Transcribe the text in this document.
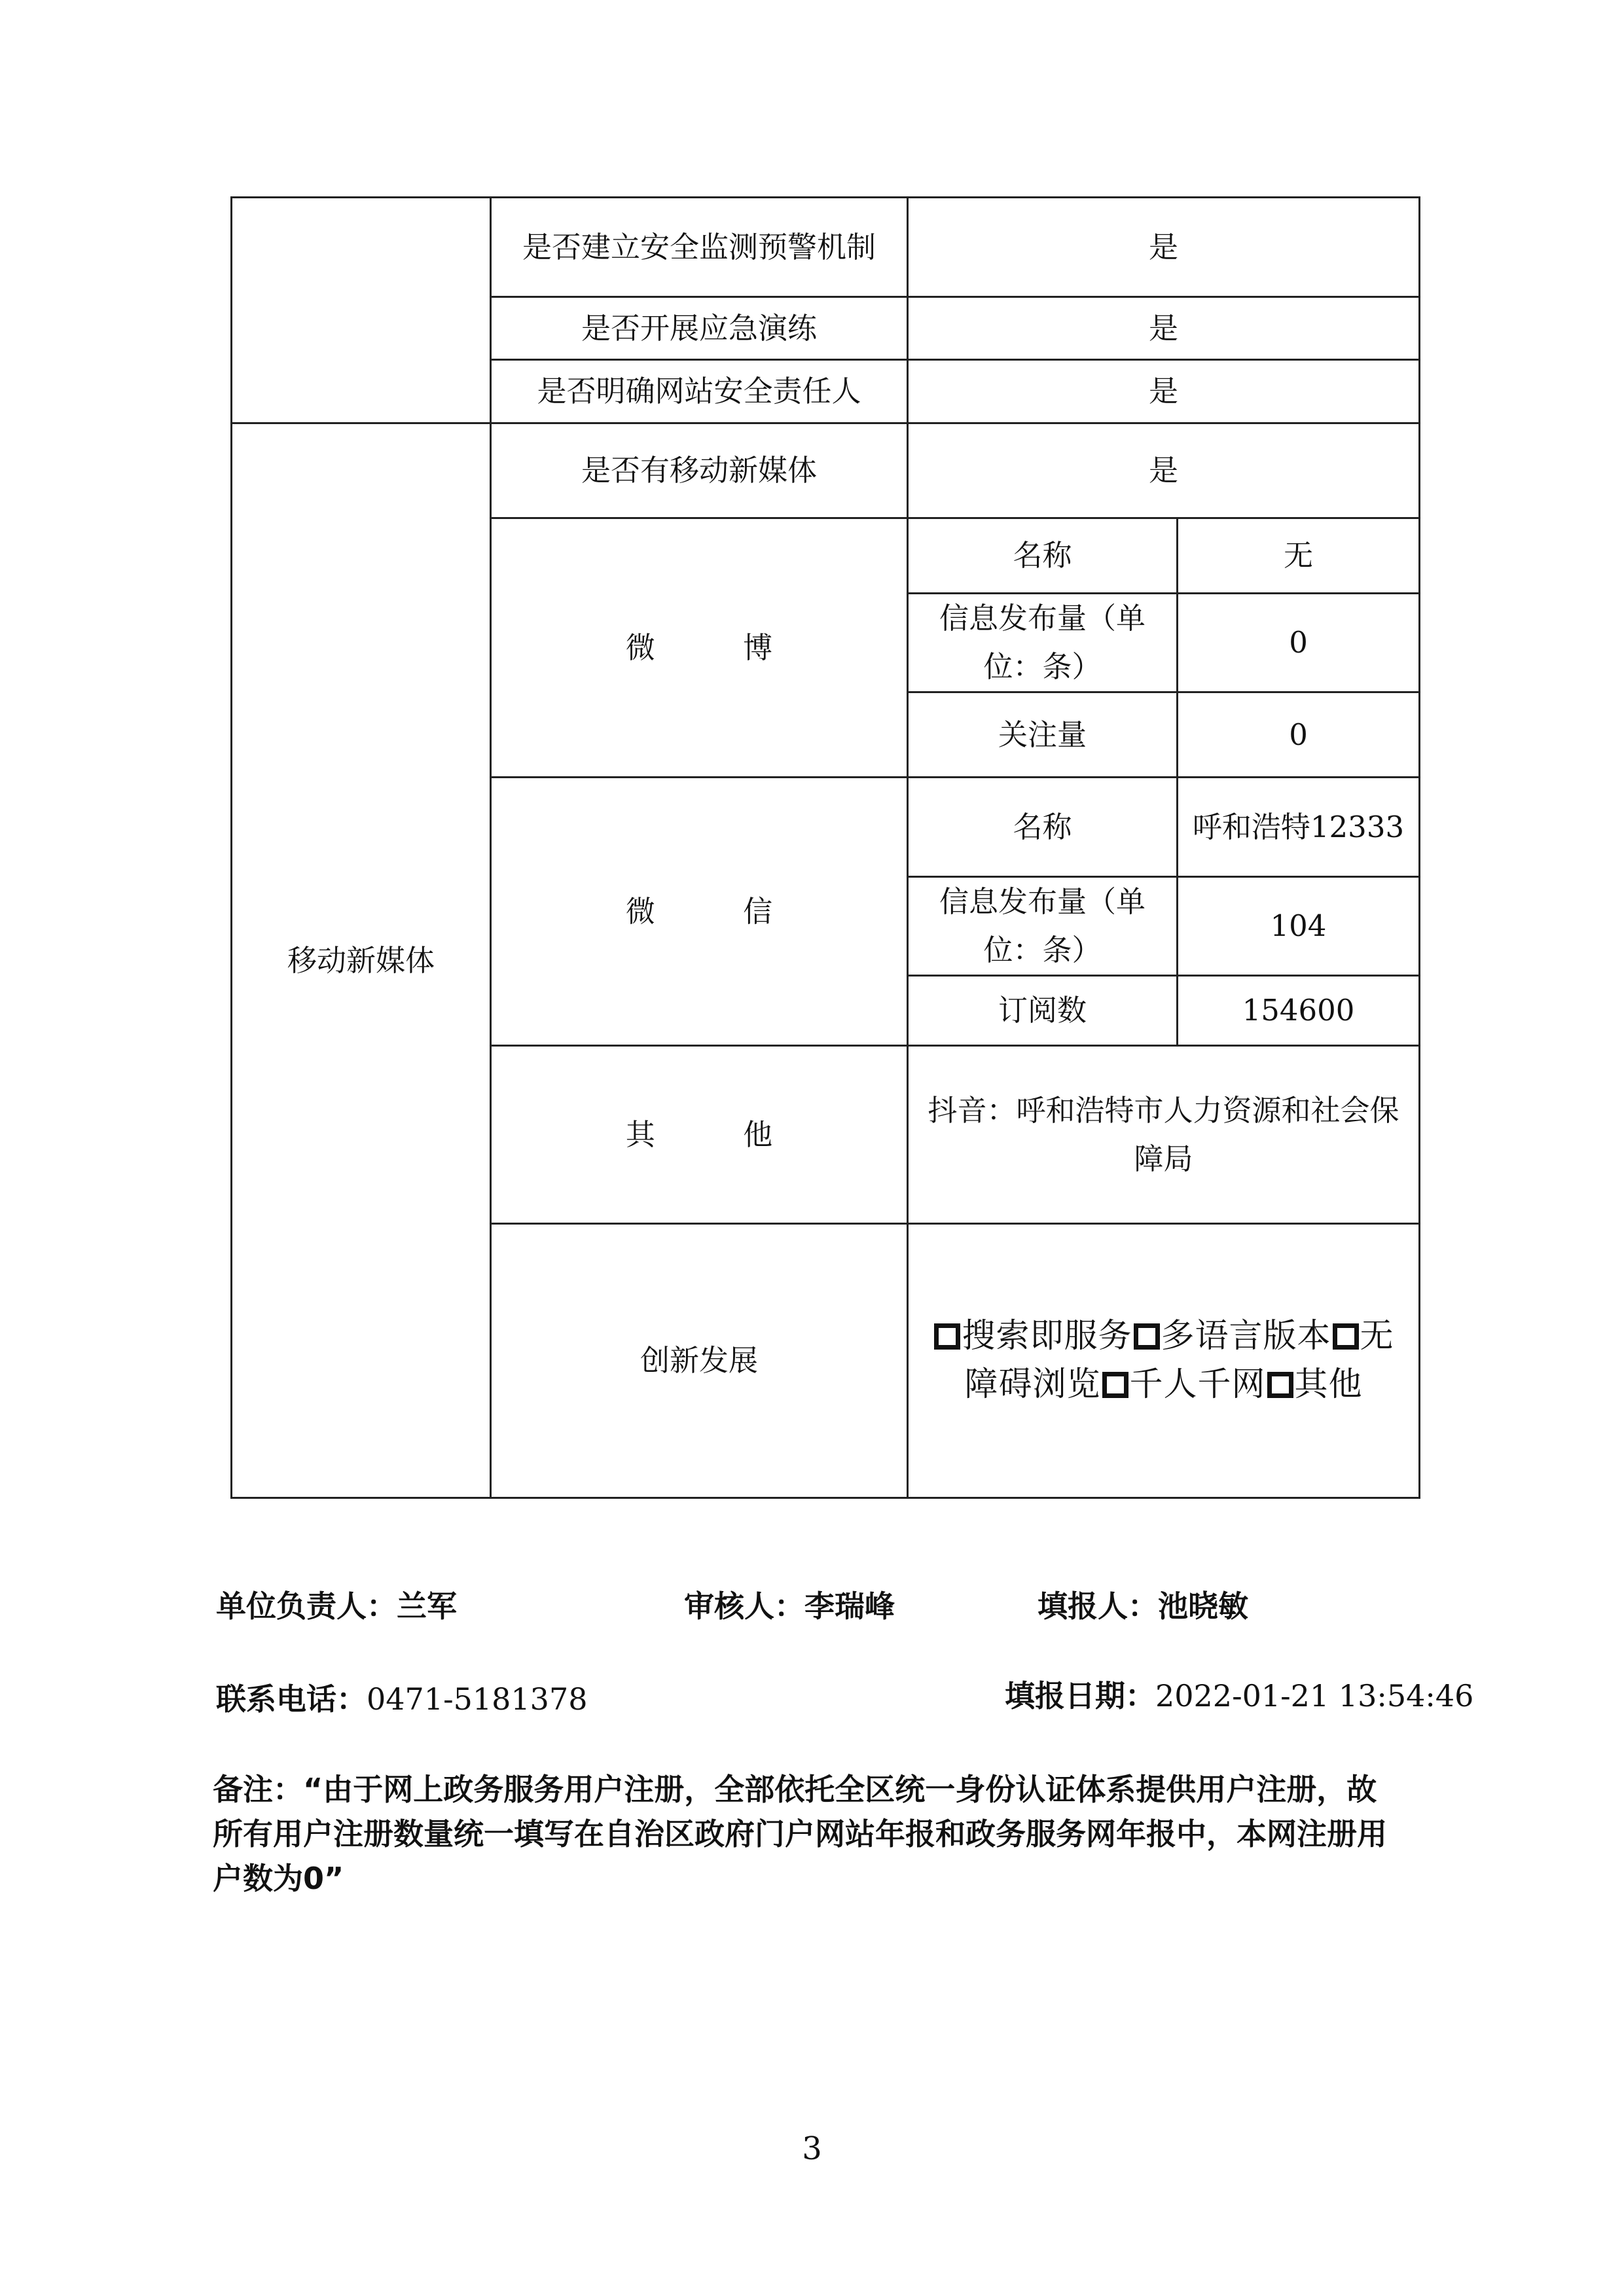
	是否建立安全监测预警机制	是	
	是否开展应急演练	是	
	是否明确网站安全责任人	是	
移动新媒体	是否有移动新媒体	是	
	微 博	名称	无
		信息发布量（单位：条）	0
		关注量	0
	微 信	名称	呼和浩特12333
		信息发布量（单位：条）	104
		订阅数	154600
	其 他	抖音：呼和浩特市人力资源和社会保障局	
	创新发展	搜索即服务 多语言版本 无障碍浏览 千人千网 其他	
单位负责人：兰军	审核人：李瑞峰	填报人：池晓敏
联系电话：0471-5181378	填报日期：2022-01-21 13:54:46
备注：“由于网上政务服务用户注册，全部依托全区统一身份认证体系提供用户注册，故所有用户注册数量统一填写在自治区政府门户网站年报和政务服务网年报中，本网注册用户数为0”
3
